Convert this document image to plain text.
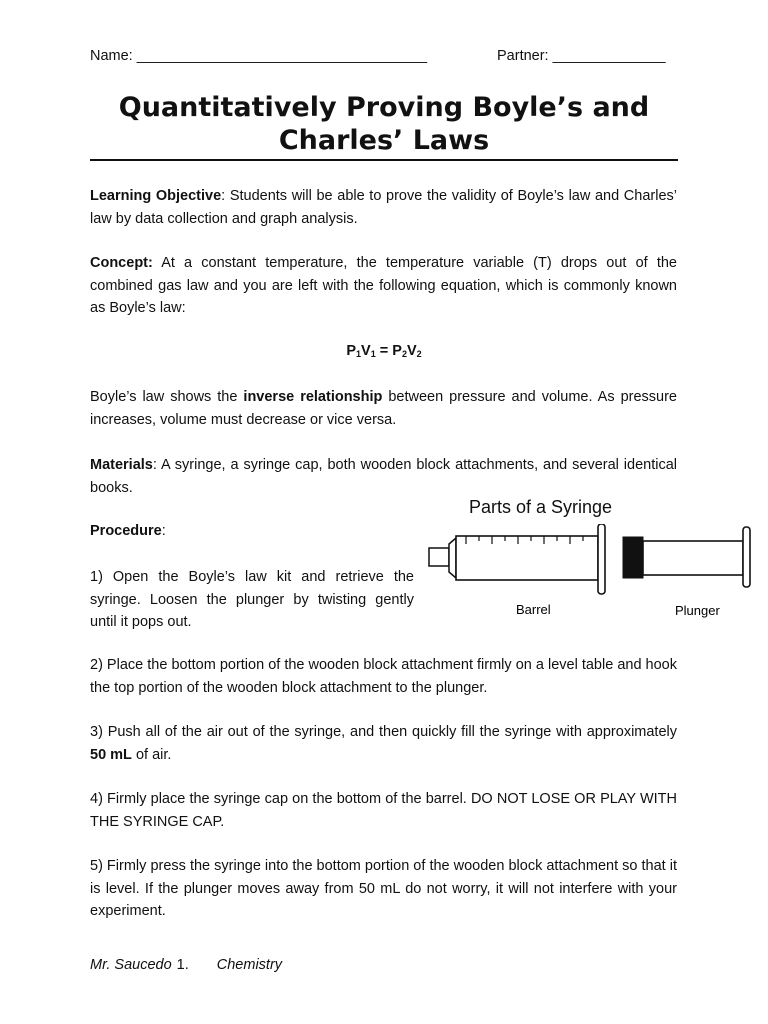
Name: ____________________________________	Partner: ______________
Quantitatively Proving Boyle’s and
Charles’ Laws
Learning Objective: Students will be able to prove the validity of Boyle’s law and Charles’ law by data collection and graph analysis.
Concept: At a constant temperature, the temperature variable (T) drops out of the combined gas law and you are left with the following equation, which is commonly known as Boyle’s law:
$P_1V_1 = P_2V_2$
Boyle’s law shows the inverse relationship between pressure and volume. As pressure increases, volume must decrease or vice versa.
Materials: A syringe, a syringe cap, both wooden block attachments, and several identical books.
Procedure:
1) Open the Boyle’s law kit and retrieve the syringe. Loosen the plunger by twisting gently until it pops out.
Parts of a Syringe
Barrel	Plunger
2) Place the bottom portion of the wooden block attachment firmly on a level table and hook the top portion of the wooden block attachment to the plunger.
3) Push all of the air out of the syringe, and then quickly fill the syringe with approximately 50 mL of air.
4) Firmly place the syringe cap on the bottom of the barrel. DO NOT LOSE OR PLAY WITH THE SYRINGE CAP.
5) Firmly press the syringe into the bottom portion of the wooden block attachment so that it is level. If the plunger moves away from 50 mL do not worry, it will not interfere with your experiment.
Mr. Saucedo 1. Chemistry
